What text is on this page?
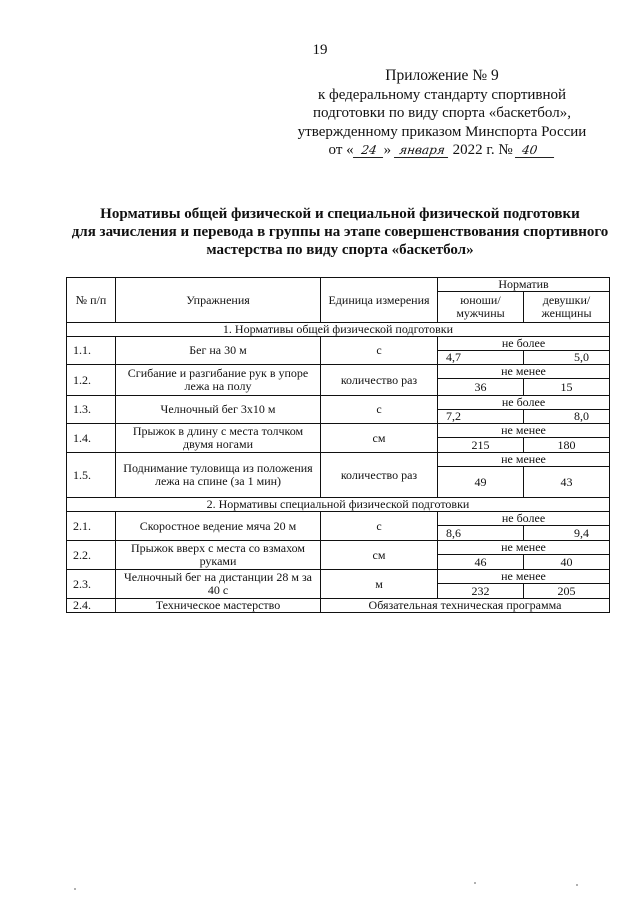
19
Приложение № 9
к федеральному стандарту спортивной
подготовки по виду спорта «баскетбол»,
утвержденному приказом Минспорта России
от « 24 » января 2022 г. № 40
Нормативы общей физической и специальной физической подготовки
для зачисления и перевода в группы на этапе совершенствования спортивного
мастерства по виду спорта «баскетбол»
№ п/п	Упражнения	Единица измерения	Норматив	
			юноши/ мужчины	девушки/ женщины
1. Нормативы общей физической подготовки				
1.1.	Бег на 30 м	с	не более	
			4,7	5,0
1.2.	Сгибание и разгибание рук в упоре лежа на полу	количество раз	не менее	
			36	15
1.3.	Челночный бег 3x10 м	с	не более	
			7,2	8,0
1.4.	Прыжок в длину с места толчком двумя ногами	см	не менее	
			215	180
1.5.	Поднимание туловища из положения лежа на спине (за 1 мин)	количество раз	не менее	
			49	43
2. Нормативы специальной физической подготовки				
2.1.	Скоростное ведение мяча 20 м	с	не более	
			8,6	9,4
2.2.	Прыжок вверх с места со взмахом руками	см	не менее	
			46	40
2.3.	Челночный бег на дистанции 28 м за 40 с	м	не менее	
			232	205
2.4.	Техническое мастерство	Обязательная техническая программа		
